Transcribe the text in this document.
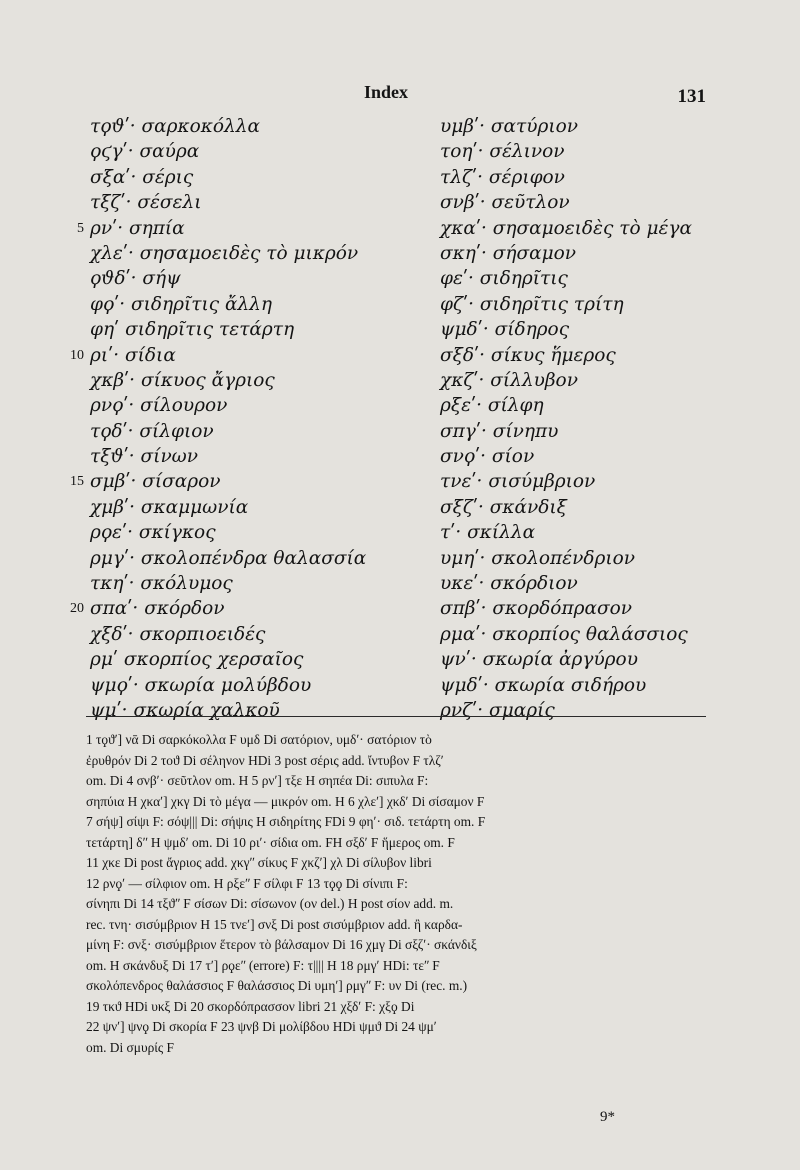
Index	131
τϙϑʹ· σαρκοκόλλα
ϙϛγʹ· σαύρα
σξαʹ· σέρις
τξζʹ· σέσελι
5 ρνʹ· σηπία
χλεʹ· σησαμοειδὲς τὸ μικρόν
ϙϑδʹ· σήψ
φϙʹ· σιδηρῖτις ἄλλη
φηʹ σιδηρῖτις τετάρτη
10 ριʹ· σίδια
χκβʹ· σίκυος ἄγριος
ρνϙʹ· σίλουρον
τϙδʹ· σίλφιον
τξϑʹ· σίνων
15 σμβʹ· σίσαρον
χμβʹ· σκαμμωνία
ρϙεʹ· σκίγκος
ρμγʹ· σκολοπένδρα θαλασσία
τκηʹ· σκόλυμος
20 σπαʹ· σκόρδον
χξδʹ· σκορπιοειδές
ρμʹ σκορπίος χερσαῖος
ψμϙʹ· σκωρία μολύβδου
ψμʹ· σκωρία χαλκοῦ
υμβʹ· σατύριον
τοηʹ· σέλινον
τλζʹ· σέριφον
σνβʹ· σεῦτλον
χκαʹ· σησαμοειδὲς τὸ μέγα
σκηʹ· σήσαμον
φεʹ· σιδηρῖτις
φζʹ· σιδηρῖτις τρίτη
ψμδʹ· σίδηρος
σξδʹ· σίκυς ἥμερος
χκζʹ· σίλλυβον
ρξεʹ· σίλφη
σπγʹ· σίνηπυ
σνϙʹ· σίον
τνεʹ· σισύμβριον
σξζʹ· σκάνδιξ
τʹ· σκίλλα
υμηʹ· σκολοπένδριον
υκεʹ· σκόρδιον
σπβʹ· σκορδόπρασον
ρμαʹ· σκορπίος θαλάσσιος
ψνʹ· σκωρία ἀργύρου
ψμδʹ· σκωρία σιδήρου
ρνζʹ· σμαρίς
1 τϙϑʹ] νᾱ Di σαρκόκολλα F υμδ Di σατόριον, υμδʹ· σατόριον τὸ
ἐρυθρόν Di 2 τοϑ Di σέληνον HDi 3 post σέρις add. ἴντυβον F τλζʹ
om. Di 4 σνβʹ· σεῦτλον om. H 5 ρνʹ] τξε H σηπέα Di: σιπυλα F:
σηπύια H χκαʹ] χκγ Di τὸ μέγα — μικρόν om. H 6 χλεʹ] χκδʹ Di σίσαμον F
7 σήψ] σίψι F: σόψ||| Di: σήψις H σιδηρίτης FDi 9 φηʹ· σιδ. τετάρτη om. F
τετάρτη] δʺ H ψμδʹ om. Di 10 ριʹ· σίδια om. FH σξδʹ F ἥμερος om. F
11 χκε Di post ἄγριος add. χκγʺ σίκυς F χκζʹ] χλ Di σίλυβον libri
12 ρνϙʹ — σίλφιον om. H ρξεʺ F σίλφι F 13 τϙϙ Di σίνιπι F:
σίνηπι Di 14 τξϑʺ F σίσων Di: σίσωνον (ον del.) H post σίον add. m.
rec. τνη· σισύμβριον H 15 τνεʹ] σνξ Di post σισύμβριον add. ἢ καρδα-
μίνη F: σνξ· σισύμβριον ἕτερον τὸ βάλσαμον Di 16 χμγ Di σξζʹ· σκάνδιξ
om. H σκάνδυξ Di 17 τʹ] ρϙεʺ (errore) F: τ|||| H 18 ρμγʹ HDi: τεʺ F
σκολόπενδρος θαλάσσιος F θαλάσσιος Di υμηʹ] ρμγʺ F: υν Di (rec. m.)
19 τκϑ HDi υκξ Di 20 σκορδόπρασσον libri 21 χξδʹ F: χξϙ Di
22 ψνʹ] ψνϙ Di σκορία F 23 ψνβ Di μολίβδου HDi ψμϑ Di 24 ψμʹ
om. Di σμυρίς F
9*
